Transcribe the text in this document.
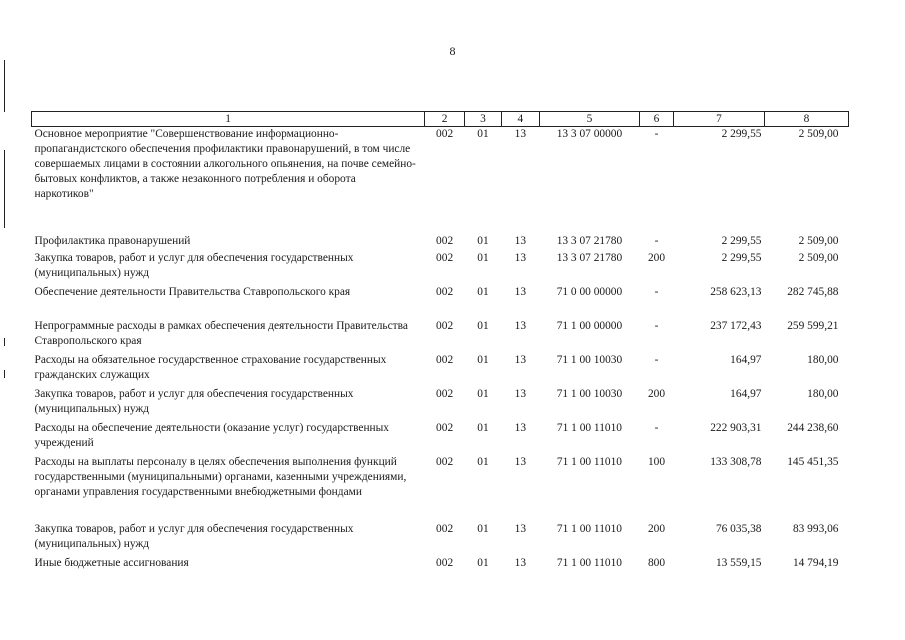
8
1	2	3	4	5	6	7	8
Основное мероприятие "Совершенствование информационно-пропагандистского обеспечения профилактики правонарушений, в том числе совершаемых лицами в состоянии алкогольного опьянения, на почве семейно-бытовых конфликтов, а также незаконного потребления и оборота наркотиков"	002	01	13	13 3 07 00000	-	2 299,55	2 509,00
Профилактика правонарушений	002	01	13	13 3 07 21780	-	2 299,55	2 509,00
Закупка товаров, работ и услуг для обеспечения государственных (муниципальных) нужд	002	01	13	13 3 07 21780	200	2 299,55	2 509,00
Обеспечение деятельности Правительства Ставропольского края	002	01	13	71 0 00 00000	-	258 623,13	282 745,88
Непрограммные расходы в рамках обеспечения деятельности Правительства Ставропольского края	002	01	13	71 1 00 00000	-	237 172,43	259 599,21
Расходы на обязательное государственное страхование государственных гражданских служащих	002	01	13	71 1 00 10030	-	164,97	180,00
Закупка товаров, работ и услуг для обеспечения государственных (муниципальных) нужд	002	01	13	71 1 00 10030	200	164,97	180,00
Расходы на обеспечение деятельности (оказание услуг) государственных учреждений	002	01	13	71 1 00 11010	-	222 903,31	244 238,60
Расходы на выплаты персоналу в целях обеспечения выполнения функций государственными (муниципальными) органами, казенными учреждениями, органами управления государственными внебюджетными фондами	002	01	13	71 1 00 11010	100	133 308,78	145 451,35
Закупка товаров, работ и услуг для обеспечения государственных (муниципальных) нужд	002	01	13	71 1 00 11010	200	76 035,38	83 993,06
Иные бюджетные ассигнования	002	01	13	71 1 00 11010	800	13 559,15	14 794,19
